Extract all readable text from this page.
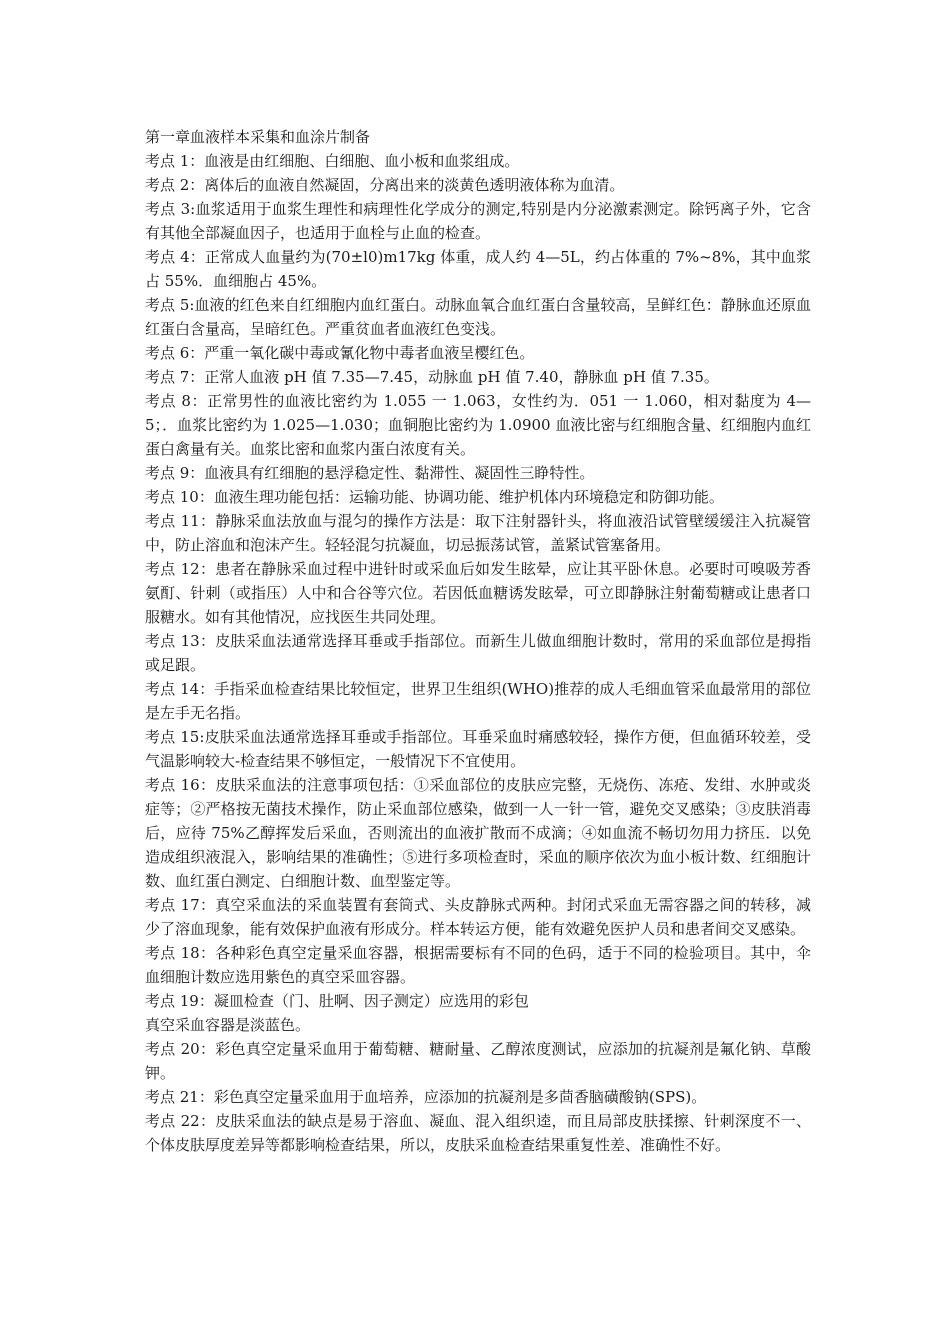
第一章血液样本采集和血涂片制备

考点 1：血液是由红细胞、白细胞、血小板和血浆组成。

考点 2：离体后的血液自然凝固，分离出来的淡黄色透明液体称为血清。

考点 3:血浆适用于血浆生理性和病理性化学成分的测定,特别是内分泌激素测定。除钙离子外，它含有其他全部凝血因子，也适用于血栓与止血的检查。

考点 4：正常成人血量约为(70±l0)m17kg 体重，成人约 4—5L，约占体重的 7%~8%，其中血浆占 55%．血细胞占 45%。

考点 5:血液的红色来自红细胞内血红蛋白。动脉血氧合血红蛋白含量较高，呈鲜红色：静脉血还原血红蛋白含量高，呈暗红色。严重贫血者血液红色变浅。

考点 6：严重一氧化碳中毒或氰化物中毒者血液呈樱红色。

考点 7：正常人血液 pH 值 7.35—7.45，动脉血 pH 值 7.40，静脉血 pH 值 7.35。

考点 8：正常男性的血液比密约为 1.055 一 1.063，女性约为．051 一 1.060，相对黏度为 4—5；．血浆比密约为 1.025—1.030；血铜胞比密约为 1.0900 血液比密与红细胞含量、红细胞内血红蛋白禽量有关。血浆比密和血浆内蛋白浓度有关。

考点 9：血液具有红细胞的悬浮稳定性、黏滞性、凝固性三睁特性。

考点 10：血液生理功能包括：运输功能、协调功能、维护机体内环境稳定和防御功能。

考点 11：静脉采血法放血与混匀的操作方法是：取下注射器针头，将血液沿试管壁缓缓注入抗凝管中，防止溶血和泡沫产生。轻轻混匀抗凝血，切忌振荡试管，盖紧试管塞备用。

考点 12：患者在静脉采血过程中进针时或采血后如发生眩晕，应让其平卧休息。必要时可嗅吸芳香氨酊、针刺（或指压）人中和合谷等穴位。若因低血糖诱发眩晕，可立即静脉注射葡萄糖或让患者口服糖水。如有其他情况，应找医生共同处理。

考点 13：皮肤采血法通常选择耳垂或手指部位。而新生儿做血细胞计数时，常用的采血部位是拇指或足跟。

考点 14：手指采血检查结果比较恒定，世界卫生组织(WHO)推荐的成人毛细血管采血最常用的部位是左手无名指。

考点 15:皮肤采血法通常选择耳垂或手指部位。耳垂采血时痛感较轻，操作方便，但血循环较差，受气温影响较大-检查结果不够恒定，一般情况下不宜使用。

考点 16：皮肤采血法的注意事项包括：①采血部位的皮肤应完整，无烧伤、冻疮、发绀、水肿或炎症等；②严格按无菌技术操作，防止采血部位感染，做到一人一针一管，避免交叉感染；③皮肤消毒后，应待 75%乙醇挥发后采血，否则流出的血液扩散而不成滴；④如血流不畅切勿用力挤压．以免造成组织液混入，影响结果的准确性；⑤进行多项检查时，采血的顺序依次为血小板计数、红细胞计数、血红蛋白测定、白细胞计数、血型鉴定等。

考点 17：真空采血法的采血装置有套筒式、头皮静脉式两种。封闭式采血无需容器之间的转移，减少了溶血现象，能有效保护血液有形成分。样本转运方便，能有效避免医护人员和患者间交叉感染。

考点 18：各种彩色真空定量采血容器，根据需要标有不同的色码，适于不同的检验项目。其中，伞血细胞计数应选用紫色的真空采皿容器。

考点 19：凝皿检查（门、肚啊、因子测定）应选用的彩包

真空采血容器是淡蓝色。

考点 20：彩色真空定量采血用于葡萄糖、糖耐量、乙醇浓度测试，应添加的抗凝剂是氟化钠、草酸钾。

考点 21：彩色真空定量采血用于血培养，应添加的抗凝剂是多茴香脑磺酸钠(SPS)。

考点 22：皮肤采血法的缺点是易于溶血、凝血、混入组织逵，而且局部皮肤揉擦、针刺深度不一、个体皮肤厚度差异等都影响检查结果，所以，皮肤采血检查结果重复性差、准确性不好。
